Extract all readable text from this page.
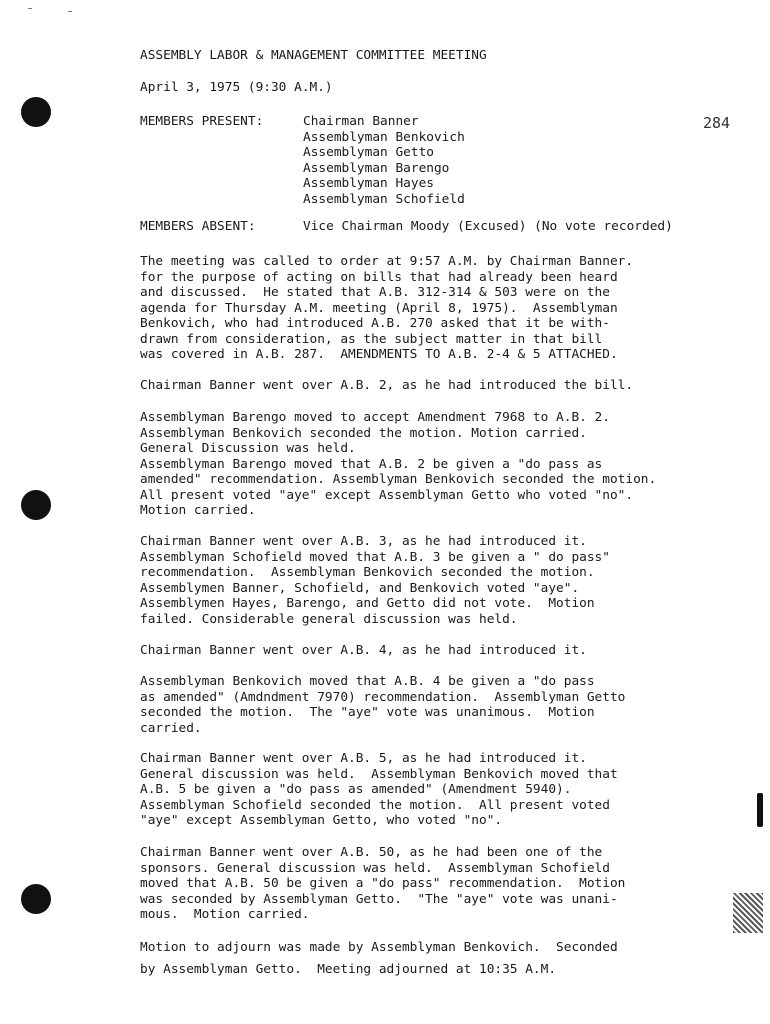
ASSEMBLY LABOR & MANAGEMENT COMMITTEE MEETING
April 3, 1975 (9:30 A.M.)

MEMBERS PRESENT:

	Chairman Banner
Assemblyman Benkovich
Assemblyman Getto
Assemblyman Barengo
Assemblyman Hayes
Assemblyman Schofield

284

MEMBERS ABSENT:

	Vice Chairman Moody (Excused) (No vote recorded)

The meeting was called to order at 9:57 A.M. by Chairman Banner.
for the purpose of acting on bills that had already been heard
and discussed.  He stated that A.B. 312-314 & 503 were on the
agenda for Thursday A.M. meeting (April 8, 1975).  Assemblyman
Benkovich, who had introduced A.B. 270 asked that it be with-
drawn from consideration, as the subject matter in that bill
was covered in A.B. 287.  AMENDMENTS TO A.B. 2-4 & 5 ATTACHED.
Chairman Banner went over A.B. 2, as he had introduced the bill.
Assemblyman Barengo moved to accept Amendment 7968 to A.B. 2.
Assemblyman Benkovich seconded the motion. Motion carried.
General Discussion was held.
Assemblyman Barengo moved that A.B. 2 be given a "do pass as
amended" recommendation. Assemblyman Benkovich seconded the motion.
All present voted "aye" except Assemblyman Getto who voted "no".
Motion carried.
Chairman Banner went over A.B. 3, as he had introduced it.
Assemblyman Schofield moved that A.B. 3 be given a " do pass"
recommendation.  Assemblyman Benkovich seconded the motion.
Assemblymen Banner, Schofield, and Benkovich voted "aye".
Assemblymen Hayes, Barengo, and Getto did not vote.  Motion
failed. Considerable general discussion was held.
Chairman Banner went over A.B. 4, as he had introduced it.
Assemblyman Benkovich moved that A.B. 4 be given a "do pass
as amended" (Amdndment 7970) recommendation.  Assemblyman Getto
seconded the motion.  The "aye" vote was unanimous.  Motion
carried.
Chairman Banner went over A.B. 5, as he had introduced it.
General discussion was held.  Assemblyman Benkovich moved that
A.B. 5 be given a "do pass as amended" (Amendment 5940).
Assemblyman Schofield seconded the motion.  All present voted
"aye" except Assemblyman Getto, who voted "no".
Chairman Banner went over A.B. 50, as he had been one of the
sponsors. General discussion was held.  Assemblyman Schofield
moved that A.B. 50 be given a "do pass" recommendation.  Motion
was seconded by Assemblyman Getto.  "The "aye" vote was unani-
mous.  Motion carried.
Motion to adjourn was made by Assemblyman Benkovich.  Seconded
by Assemblyman Getto.  Meeting adjourned at 10:35 A.M.
